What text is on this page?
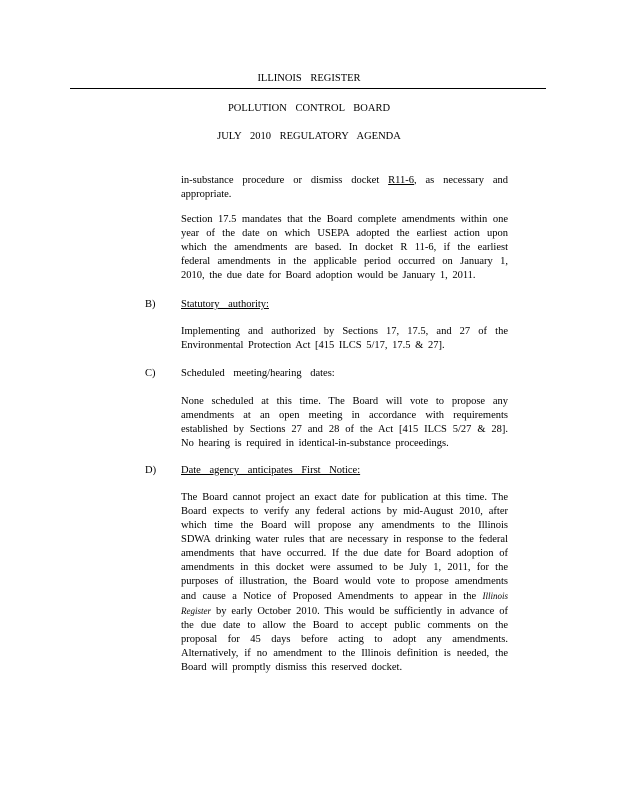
ILLINOIS REGISTER
POLLUTION CONTROL BOARD
JULY 2010 REGULATORY AGENDA

in-substance procedure or dismiss docket R11-6, as necessary and appropriate.

Section 17.5 mandates that the Board complete amendments within one year of the date on which USEPA adopted the earliest action upon which the amendments are based. In docket R 11-6, if the earliest federal amendments in the applicable period occurred on January 1, 2010, the due date for Board adoption would be January 1, 2011.

B) Statutory authority:

Implementing and authorized by Sections 17, 17.5, and 27 of the Environmental Protection Act [415 ILCS 5/17, 17.5 & 27].

C) Scheduled meeting/hearing dates:

None scheduled at this time. The Board will vote to propose any amendments at an open meeting in accordance with requirements established by Sections 27 and 28 of the Act [415 ILCS 5/27 & 28]. No hearing is required in identical-in-substance proceedings.

D) Date agency anticipates First Notice:

The Board cannot project an exact date for publication at this time. The Board expects to verify any federal actions by mid-August 2010, after which time the Board will propose any amendments to the Illinois SDWA drinking water rules that are necessary in response to the federal amendments that have occurred. If the due date for Board adoption of amendments in this docket were assumed to be July 1, 2011, for the purposes of illustration, the Board would vote to propose amendments and cause a Notice of Proposed Amendments to appear in the Illinois Register by early October 2010. This would be sufficiently in advance of the due date to allow the Board to accept public comments on the proposal for 45 days before acting to adopt any amendments. Alternatively, if no amendment to the Illinois definition is needed, the Board will promptly dismiss this reserved docket.
